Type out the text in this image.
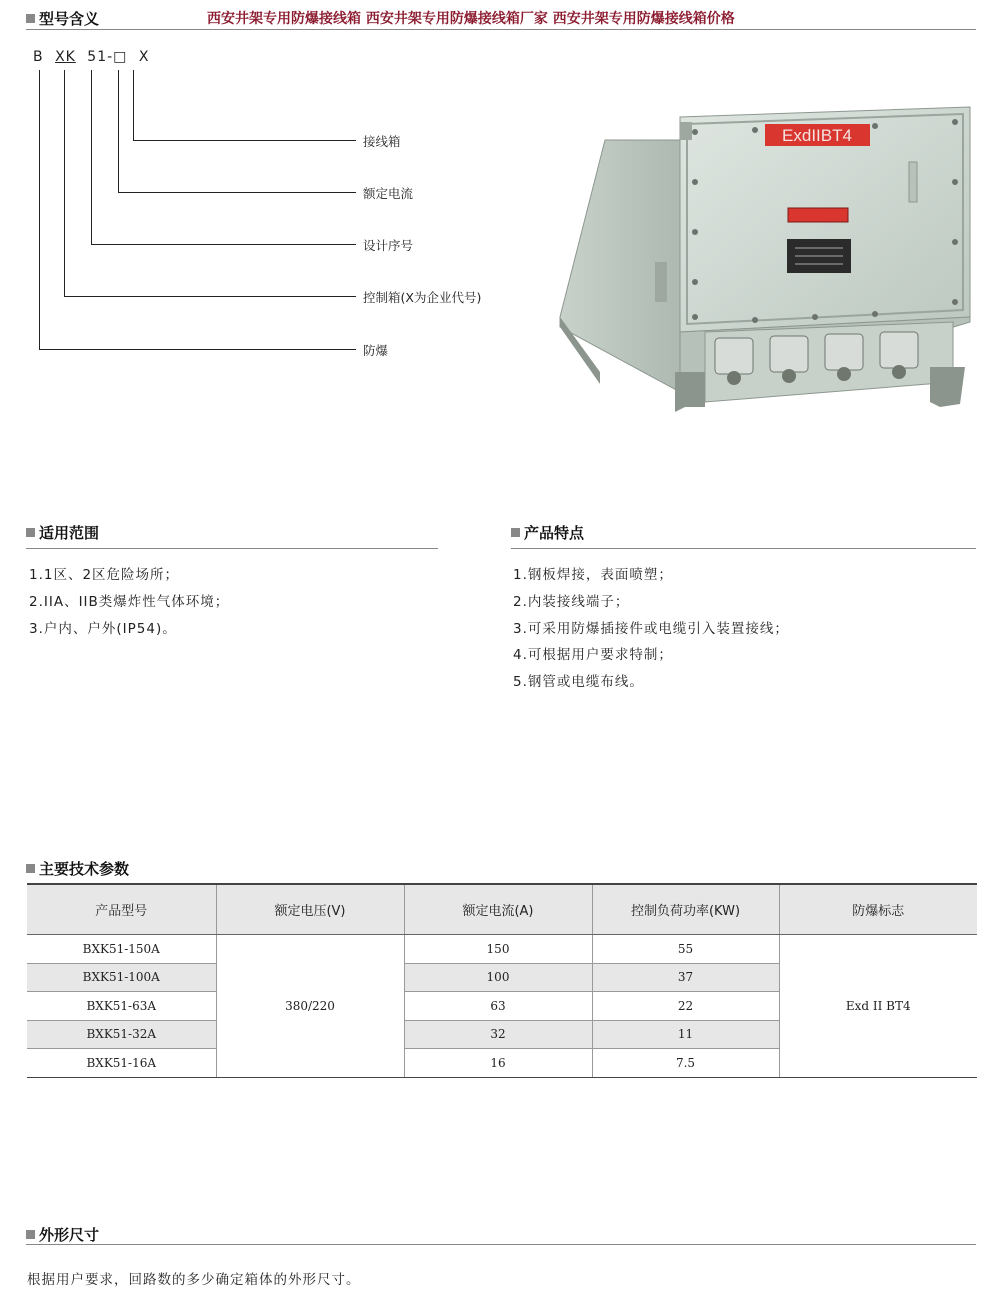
型号含义	西安井架专用防爆接线箱 西安井架专用防爆接线箱厂家 西安井架专用防爆接线箱价格
B XK 51-□ X
接线箱
额定电流
设计序号
控制箱(X为企业代号)
防爆
ExdIIBT4
适用范围
1.1区、2区危险场所；
2.IIA、IIB类爆炸性气体环境；
3.户内、户外(IP54)。
产品特点
1.钢板焊接，表面喷塑；
2.内装接线端子；
3.可采用防爆插接件或电缆引入装置接线；
4.可根据用户要求特制；
5.钢管或电缆布线。
主要技术参数
产品型号	额定电压(V)	额定电流(A)	控制负荷功率(KW)	防爆标志
BXK51-150A	380/220	150	55	Exd II BT4
BXK51-100A		100	37	
BXK51-63A		63	22	
BXK51-32A		32	11	
BXK51-16A		16	7.5	
外形尺寸
根据用户要求，回路数的多少确定箱体的外形尺寸。
